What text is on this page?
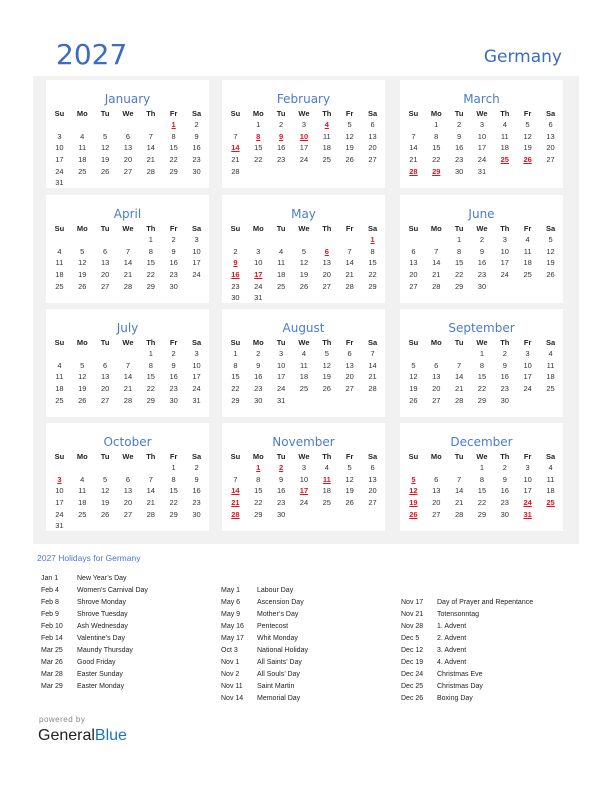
2027	Germany
January
Su	Mo	Tu	We	Th	Fr	Sa
					1	2
3	4	5	6	7	8	9
10	11	12	13	14	15	16
17	18	19	20	21	22	23
24	25	26	27	28	29	30
31						
February
Su	Mo	Tu	We	Th	Fr	Sa
	1	2	3	4	5	6
7	8	9	10	11	12	13
14	15	16	17	18	19	20
21	22	23	24	25	26	27
28						
March
Su	Mo	Tu	We	Th	Fr	Sa
	1	2	3	4	5	6
7	8	9	10	11	12	13
14	15	16	17	18	19	20
21	22	23	24	25	26	27
28	29	30	31			
April
Su	Mo	Tu	We	Th	Fr	Sa
				1	2	3
4	5	6	7	8	9	10
11	12	13	14	15	16	17
18	19	20	21	22	23	24
25	26	27	28	29	30	
May
Su	Mo	Tu	We	Th	Fr	Sa
						1
2	3	4	5	6	7	8
9	10	11	12	13	14	15
16	17	18	19	20	21	22
23	24	25	26	27	28	29
30	31					
June
Su	Mo	Tu	We	Th	Fr	Sa
		1	2	3	4	5
6	7	8	9	10	11	12
13	14	15	16	17	18	19
20	21	22	23	24	25	26
27	28	29	30			
July
Su	Mo	Tu	We	Th	Fr	Sa
				1	2	3
4	5	6	7	8	9	10
11	12	13	14	15	16	17
18	19	20	21	22	23	24
25	26	27	28	29	30	31
August
Su	Mo	Tu	We	Th	Fr	Sa
1	2	3	4	5	6	7
8	9	10	11	12	13	14
15	16	17	18	19	20	21
22	23	24	25	26	27	28
29	30	31				
September
Su	Mo	Tu	We	Th	Fr	Sa
			1	2	3	4
5	6	7	8	9	10	11
12	13	14	15	16	17	18
19	20	21	22	23	24	25
26	27	28	29	30		
October
Su	Mo	Tu	We	Th	Fr	Sa
					1	2
3	4	5	6	7	8	9
10	11	12	13	14	15	16
17	18	19	20	21	22	23
24	25	26	27	28	29	30
31						
November
Su	Mo	Tu	We	Th	Fr	Sa
	1	2	3	4	5	6
7	8	9	10	11	12	13
14	15	16	17	18	19	20
21	22	23	24	25	26	27
28	29	30				
December
Su	Mo	Tu	We	Th	Fr	Sa
			1	2	3	4
5	6	7	8	9	10	11
12	13	14	15	16	17	18
19	20	21	22	23	24	25
26	27	28	29	30	31	
2027 Holidays for Germany
Jan 1	New Year’s Day
Feb 4	Women’s Carnival Day
Feb 8	Shrove Monday
Feb 9	Shrove Tuesday
Feb 10 Ash Wednesday
Feb 14 Valentine’s Day
Mar 25 Maundy Thursday
Mar 26 Good Friday
Mar 28 Easter Sunday
Mar 29 Easter Monday
May 1 Labour Day
May 6 Ascension Day
May 9 Mother’s Day
May 16 Pentecost
May 17 Whit Monday
Oct 3	National Holiday
Nov 1	All Saints’ Day
Nov 2	All Souls’ Day
Nov 11 Saint Martin
Nov 14 Memorial Day
Nov 17 Day of Prayer and Repentance
Nov 21 Totensonntag
Nov 28 1. Advent
Dec 5	2. Advent
Dec 12 3. Advent
Dec 19 4. Advent
Dec 24 Christmas Eve
Dec 25 Christmas Day
Dec 26 Boxing Day
powered by
GeneralBlue
